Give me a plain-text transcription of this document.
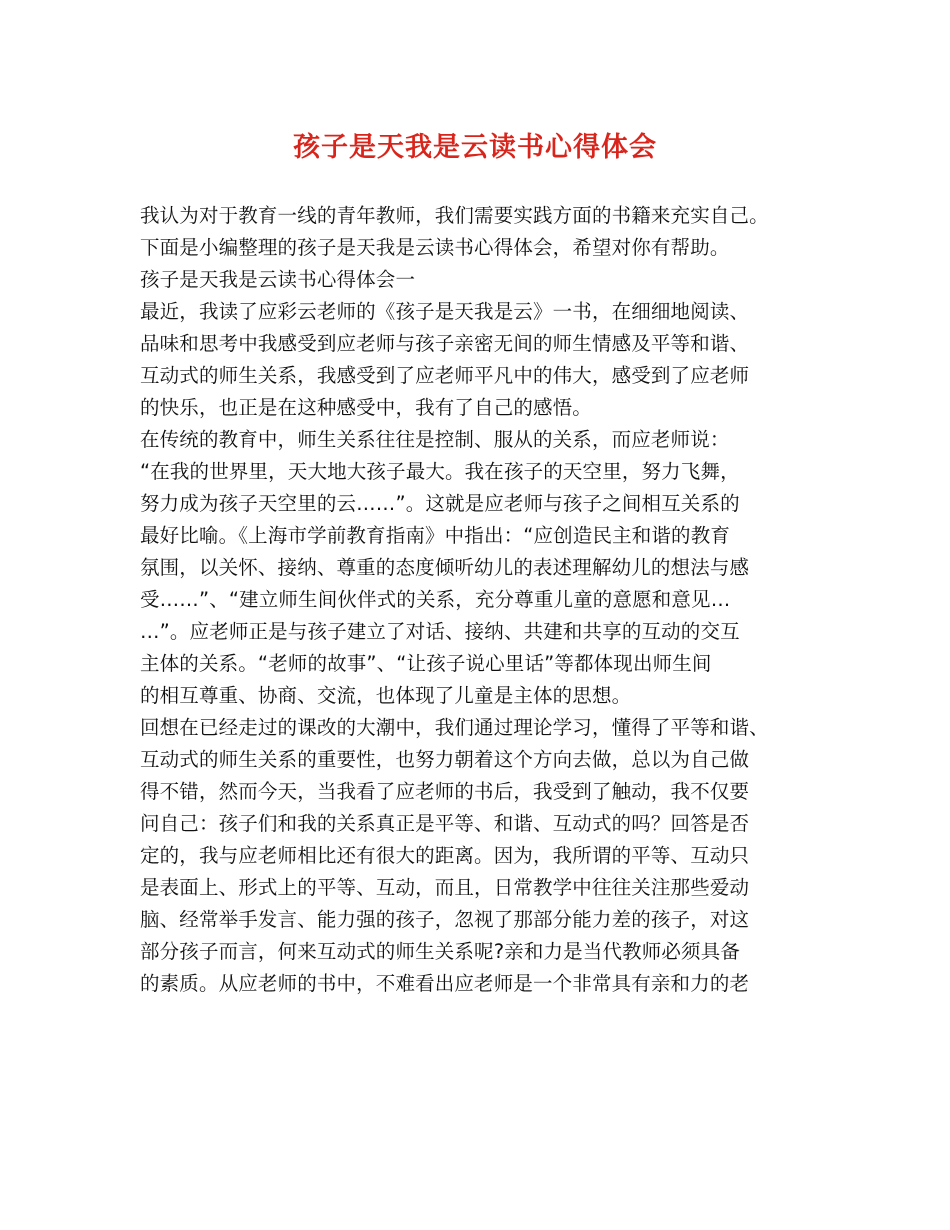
孩子是天我是云读书心得体会
我认为对于教育一线的青年教师，我们需要实践方面的书籍来充实自己。
下面是小编整理的孩子是天我是云读书心得体会，希望对你有帮助。
孩子是天我是云读书心得体会一
最近，我读了应彩云老师的《孩子是天我是云》一书，在细细地阅读、
品味和思考中我感受到应老师与孩子亲密无间的师生情感及平等和谐、
互动式的师生关系，我感受到了应老师平凡中的伟大，感受到了应老师
的快乐，也正是在这种感受中，我有了自己的感悟。
在传统的教育中，师生关系往往是控制、服从的关系，而应老师说：
“在我的世界里，天大地大孩子最大。我在孩子的天空里，努力飞舞，
努力成为孩子天空里的云……”。这就是应老师与孩子之间相互关系的
最好比喻。《上海市学前教育指南》中指出：“应创造民主和谐的教育
氛围，以关怀、接纳、尊重的态度倾听幼儿的表述理解幼儿的想法与感
受……”、“建立师生间伙伴式的关系，充分尊重儿童的意愿和意见…
…”。应老师正是与孩子建立了对话、接纳、共建和共享的互动的交互
主体的关系。“老师的故事”、“让孩子说心里话”等都体现出师生间
的相互尊重、协商、交流，也体现了儿童是主体的思想。
回想在已经走过的课改的大潮中，我们通过理论学习，懂得了平等和谐、
互动式的师生关系的重要性，也努力朝着这个方向去做，总以为自己做
得不错，然而今天，当我看了应老师的书后，我受到了触动，我不仅要
问自己：孩子们和我的关系真正是平等、和谐、互动式的吗？回答是否
定的，我与应老师相比还有很大的距离。因为，我所谓的平等、互动只
是表面上、形式上的平等、互动，而且，日常教学中往往关注那些爱动
脑、经常举手发言、能力强的孩子，忽视了那部分能力差的孩子，对这
部分孩子而言，何来互动式的师生关系呢?亲和力是当代教师必须具备
的素质。从应老师的书中，不难看出应老师是一个非常具有亲和力的老
